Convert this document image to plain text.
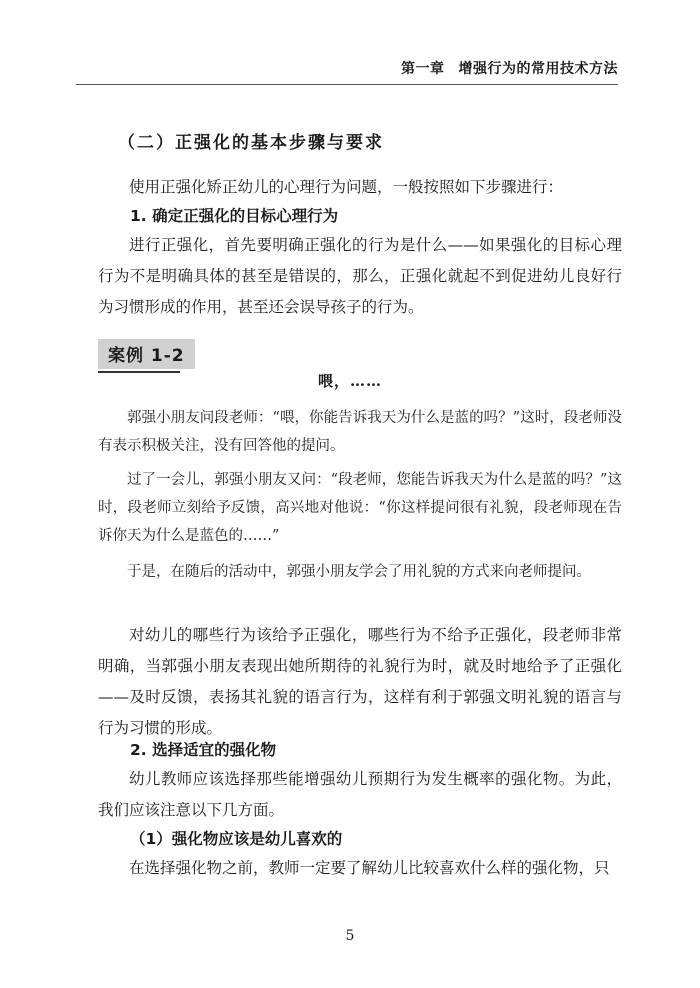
第一章 增强行为的常用技术方法
（二）正强化的基本步骤与要求
使用正强化矫正幼儿的心理行为问题，一般按照如下步骤进行：
1. 确定正强化的目标心理行为
进行正强化，首先要明确正强化的行为是什么——如果强化的目标心理行为不是明确具体的甚至是错误的，那么，正强化就起不到促进幼儿良好行为习惯形成的作用，甚至还会误导孩子的行为。
案例 1-2
喂，……
郭强小朋友问段老师：“喂，你能告诉我天为什么是蓝的吗？”这时，段老师没有表示积极关注，没有回答他的提问。
过了一会儿，郭强小朋友又问：“段老师，您能告诉我天为什么是蓝的吗？”这时，段老师立刻给予反馈，高兴地对他说：“你这样提问很有礼貌，段老师现在告诉你天为什么是蓝色的……”
于是，在随后的活动中，郭强小朋友学会了用礼貌的方式来向老师提问。
对幼儿的哪些行为该给予正强化，哪些行为不给予正强化，段老师非常明确，当郭强小朋友表现出她所期待的礼貌行为时，就及时地给予了正强化——及时反馈，表扬其礼貌的语言行为，这样有利于郭强文明礼貌的语言与行为习惯的形成。
2. 选择适宜的强化物
幼儿教师应该选择那些能增强幼儿预期行为发生概率的强化物。为此，我们应该注意以下几方面。
（1）强化物应该是幼儿喜欢的
在选择强化物之前，教师一定要了解幼儿比较喜欢什么样的强化物，只
5
